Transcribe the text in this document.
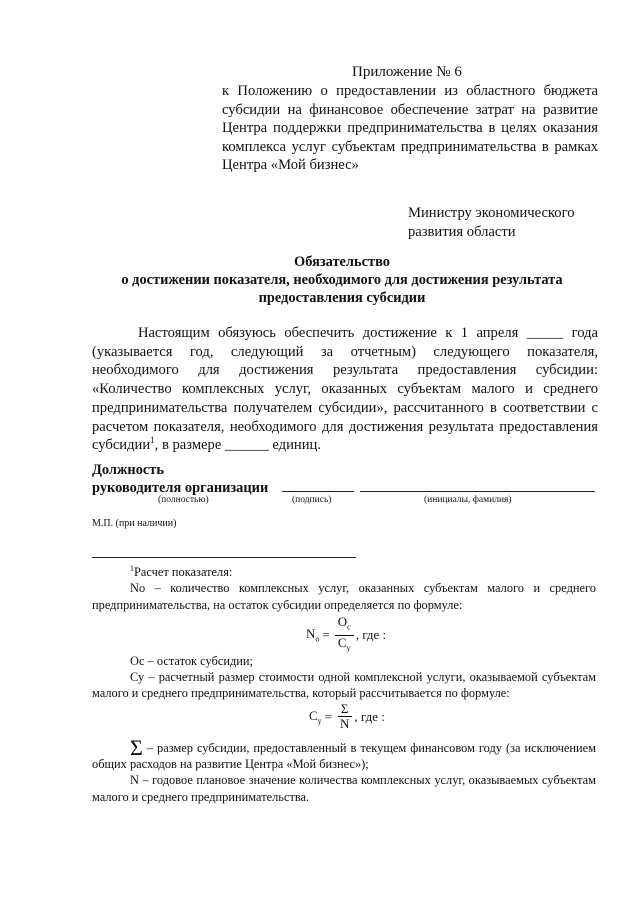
Приложение № 6
к Положению о предоставлении из областного бюджета субсидии на финансовое обеспечение затрат на развитие Центра поддержки предпринимательства в целях оказания комплекса услуг субъектам предпринимательства в рамках Центра «Мой бизнес»
Министру экономического
развития области
Обязательство
о достижении показателя, необходимого для достижения результата
предоставления субсидии
Настоящим обязуюсь обеспечить достижение к 1 апреля _____ года (указывается год, следующий за отчетным) следующего показателя, необходимого для достижения результата предоставления субсидии: «Количество комплексных услуг, оказанных субъектам малого и среднего предпринимательства получателем субсидии», рассчитанного в соответствии с расчетом показателя, необходимого для достижения результата предоставления субсидии$^1$, в размере ______ единиц.
Должность
руководителя организации
(полностью)	(подпись)	(инициалы, фамилия)
М.П. (при наличии)

$^1$Расчет показателя:

Nо – количество комплексных услуг, оказанных субъектам малого и среднего предпринимательства, на остаток субсидии определяется по формуле:

$N_o = \frac{O_c}{C_y}$ , где :

Ос – остаток субсидии;

Су – расчетный размер стоимости одной комплексной услуги, оказываемой субъектам малого и среднего предпринимательства, который рассчитывается по формуле:

$C_y = \frac{\Sigma}{N}$ , где :

Σ – размер субсидии, предоставленный в текущем финансовом году (за исключением общих расходов на развитие Центра «Мой бизнес»);

N – годовое плановое значение количества комплексных услуг, оказываемых субъектам малого и среднего предпринимательства.
